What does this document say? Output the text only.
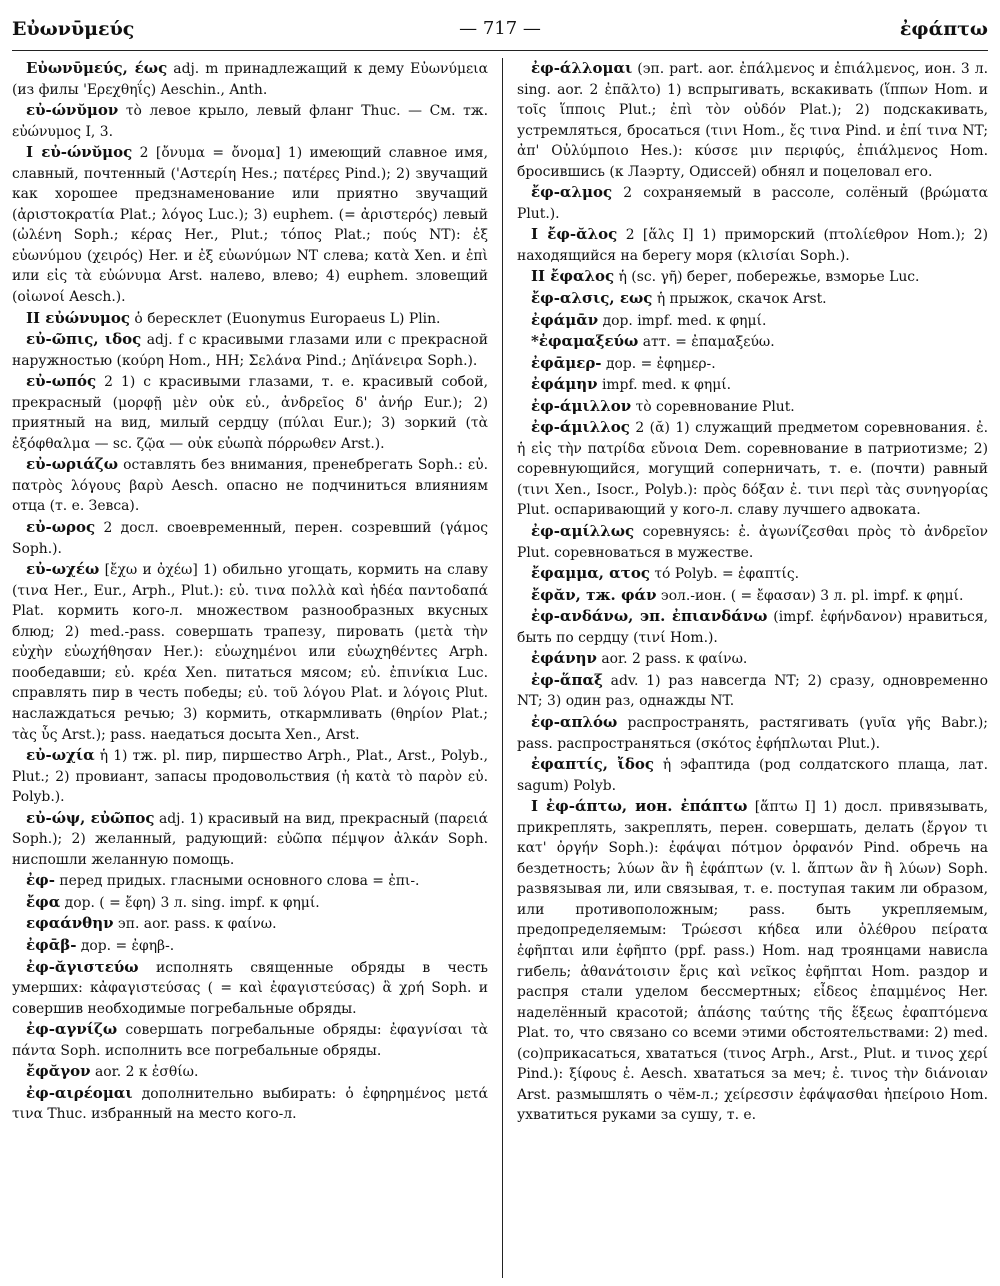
Εὐωνῡμεύς	— 717 —	ἐφάπτω

Εὐωνῡμεύς, έως adj. m принадлежащий к дему Εὐωνύμεια (из филы 'Ερεχθηΐς) Aeschin., Anth.

εὐ-ώνῠμον τὸ левое крыло, левый фланг Thuc. — См. тж. εὐώνυμος I, 3.

I εὐ-ώνῠμος 2 [ὄνυμα = ὄνομα] 1) имеющий славное имя, славный, почтенный ('Αστερίη Hes.; πατέρες Pind.); 2) звучащий как хорошее предзнаменование или приятно звучащий (ἀριστοκρατία Plat.; λόγος Luc.); 3) euphem. (= ἀριστερός) левый (ὠλένη Soph.; κέρας Her., Plut.; τόπος Plat.; πούς NT): ἐξ εὐωνύμου (χειρός) Her. и ἐξ εὐωνύμων NT слева; κατὰ Xen. и ἐπὶ или εἰς τὰ εὐώνυμα Arst. налево, влево; 4) euphem. зловещий (οἰωνοί Aesch.).

II εὐώνυμος ὁ бересклет (Euonymus Europaeus L) Plin.

εὐ-ῶπις, ιδος adj. f с красивыми глазами или с прекрасной наружностью (κούρη Hom., HH; Σελάνα Pind.; Δηϊάνειρα Soph.).

εὐ-ωπός 2 1) с красивыми глазами, т. е. красивый собой, прекрасный (μορφῇ μὲν οὐκ εὐ., ἀνδρεῖος δ' ἀνήρ Eur.); 2) приятный на вид, милый сердцу (πύλαι Eur.); 3) зоркий (τὰ ἐξόφθαλμα — sc. ζῷα — οὐκ εὐωπὰ πόρρωθεν Arst.).

εὐ-ωριάζω оставлять без внимания, пренебрегать Soph.: εὐ. πατρὸς λόγους βαρὺ Aesch. опасно не подчиниться влияниям отца (т. е. Зевса).

εὐ-ωρος 2 досл. своевременный, перен. созревший (γάμος Soph.).

εὐ-ωχέω [ἔχω и ὀχέω] 1) обильно угощать, кормить на славу (τινα Her., Eur., Arph., Plut.): εὐ. τινα πολλὰ καὶ ἡδέα παντοδαπά Plat. кормить кого-л. множеством разнообразных вкусных блюд; 2) med.-pass. совершать трапезу, пировать (μετὰ τὴν εὐχὴν εὐωχήθησαν Her.): εὐωχημένοι или εὐωχηθέντες Arph. пообедавши; εὐ. κρέα Xen. питаться мясом; εὐ. ἐπινίκια Luc. справлять пир в честь победы; εὐ. τοῦ λόγου Plat. и λόγοις Plut. наслаждаться речью; 3) кормить, откармливать (θηρίον Plat.; τὰς ὗς Arst.); pass. наедаться досыта Xen., Arst.

εὐ-ωχία ἡ 1) тж. pl. пир, пиршество Arph., Plat., Arst., Polyb., Plut.; 2) провиант, запасы продовольствия (ἡ κατὰ τὸ παρὸν εὐ. Polyb.).

εὐ-ώψ, εὐῶπος adj. 1) красивый на вид, прекрасный (παρειά Soph.); 2) желанный, радующий: εὐῶπα πέμψον ἀλκάν Soph. ниспошли желанную помощь.

ἐφ- перед придых. гласными основного слова = ἐπι-.

ἔφα дор. ( = ἔφη) 3 л. sing. impf. к φημί.

εφαάνθην эп. aor. pass. к φαίνω.

ἐφᾱβ- дор. = ἐφηβ-.

ἐφ-ᾰγιστεύω исполнять священные обряды в честь умерших: κἀφαγιστεύσας ( = καὶ ἐφαγιστεύσας) ἃ χρή Soph. и совершив необходимые погребальные обряды.

ἐφ-αγνίζω совершать погребальные обряды: ἐφαγνίσαι τὰ πάντα Soph. исполнить все погребальные обряды.

ἔφᾰγον aor. 2 к ἐσθίω.

ἐφ-αιρέομαι дополнительно выбирать: ὁ ἐφηρημένος μετά τινα Thuc. избранный на место кого-л.

ἐφ-άλλομαι (эп. part. aor. ἐπάλμενος и ἐπιάλμενος, ион. 3 л. sing. aor. 2 ἐπᾶλτο) 1) вспрыгивать, вскакивать (ἵππων Hom. и τοῖς ἵπποις Plut.; ἐπὶ τὸν οὐδόν Plat.); 2) подскакивать, устремляться, бросаться (τινι Hom., ἔς τινα Pind. и ἐπί τινα NT; ἀπ' Οὐλύμποιο Hes.): κύσσε μιν περιφύς, ἐπιάλμενος Hom. бросившись (к Лаэрту, Одиссей) обнял и поцеловал его.

ἔφ-αλμος 2 сохраняемый в рассоле, солёный (βρώματα Plut.).

I ἔφ-ᾰλος 2 [ἅλς I] 1) приморский (πτολίεθρον Hom.); 2) находящийся на берегу моря (κλισίαι Soph.).

II ἔφαλος ἡ (sc. γῆ) берег, побережье, взморье Luc.

ἔφ-αλσις, εως ἡ прыжок, скачок Arst.

ἐφάμᾱν дор. impf. med. к φημί.

*ἐφαμαξεύω атт. = ἐπαμαξεύω.

ἐφᾱμερ- дор. = ἐφημερ-.

ἐφάμην impf. med. к φημί.

ἐφ-άμιλλον τὸ соревнование Plut.

ἐφ-άμιλλος 2 (ᾰ) 1) служащий предметом соревнования. ἐ. ἡ εἰς τὴν πατρίδα εὔνοια Dem. соревнование в патриотизме; 2) соревнующийся, могущий соперничать, т. е. (почти) равный (τινι Xen., Isocr., Polyb.): πρὸς δόξαν ἐ. τινι περὶ τὰς συνηγορίας Plut. оспаривающий у кого-л. славу лучшего адвоката.

ἐφ-αμίλλως соревнуясь: ἐ. ἀγωνίζεσθαι πρὸς τὸ ἀνδρεῖον Plut. соревноваться в мужестве.

ἔφαμμα, ατος τό Polyb. = ἐφαπτίς.

ἔφᾰν, тж. φάν эол.-ион. ( = ἔφασαν) 3 л. pl. impf. к φημί.

ἐφ-ανδάνω, эп. ἐπιανδάνω (impf. ἐφήνδανον) нравиться, быть по сердцу (τινί Hom.).

ἐφάνην aor. 2 pass. к φαίνω.

ἐφ-ἅπαξ adv. 1) раз навсегда NT; 2) сразу, одновременно NT; 3) один раз, однажды NT.

ἐφ-απλόω распространять, растягивать (γυῖα γῆς Babr.); pass. распространяться (σκότος ἐφήπλωται Plut.).

ἐφαπτίς, ἴδος ἡ эфаптида (род солдатского плаща, лат. sagum) Polyb.

I ἐφ-άπτω, ион. ἐπάπτω [ἅπτω I] 1) досл. привязывать, прикреплять, закреплять, перен. совершать, делать (ἔργον τι κατ' ὀργήν Soph.): ἐφάψαι πότμον ὀρφανόν Pind. обречь на бездетность; λύων ἂν ἢ ἐφάπτων (v. l. ἅπτων ἂν ἢ λύων) Soph. развязывая ли, или связывая, т. е. поступая таким ли образом, или противоположным; pass. быть укрепляемым, предопределяемым: Τρώεσσι κήδεα или ὀλέθρου πείρατα ἐφῆπται или ἐφῆπτο (ppf. pass.) Hom. над троянцами нависла гибель; ἀθανάτοισιν ἔρις καὶ νεῖκος ἐφῆπται Hom. раздор и распря стали уделом бессмертных; εἶδεος ἐπαμμένος Her. наделённый красотой; ἁπάσης ταύτης τῆς ἕξεως ἐφαπτόμενα Plat. то, что связано со всеми этими обстоятельствами: 2) med. (со)прикасаться, хвататься (τινος Arph., Arst., Plut. и τινος χερί Pind.): ξίφους ἐ. Aesch. хвататься за меч; ἐ. τινος τὴν διάνοιαν Arst. размышлять о чём-л.; χείρεσσιν ἐφάψασθαι ἠπείροιο Hom. ухватиться руками за сушу, т. е.
